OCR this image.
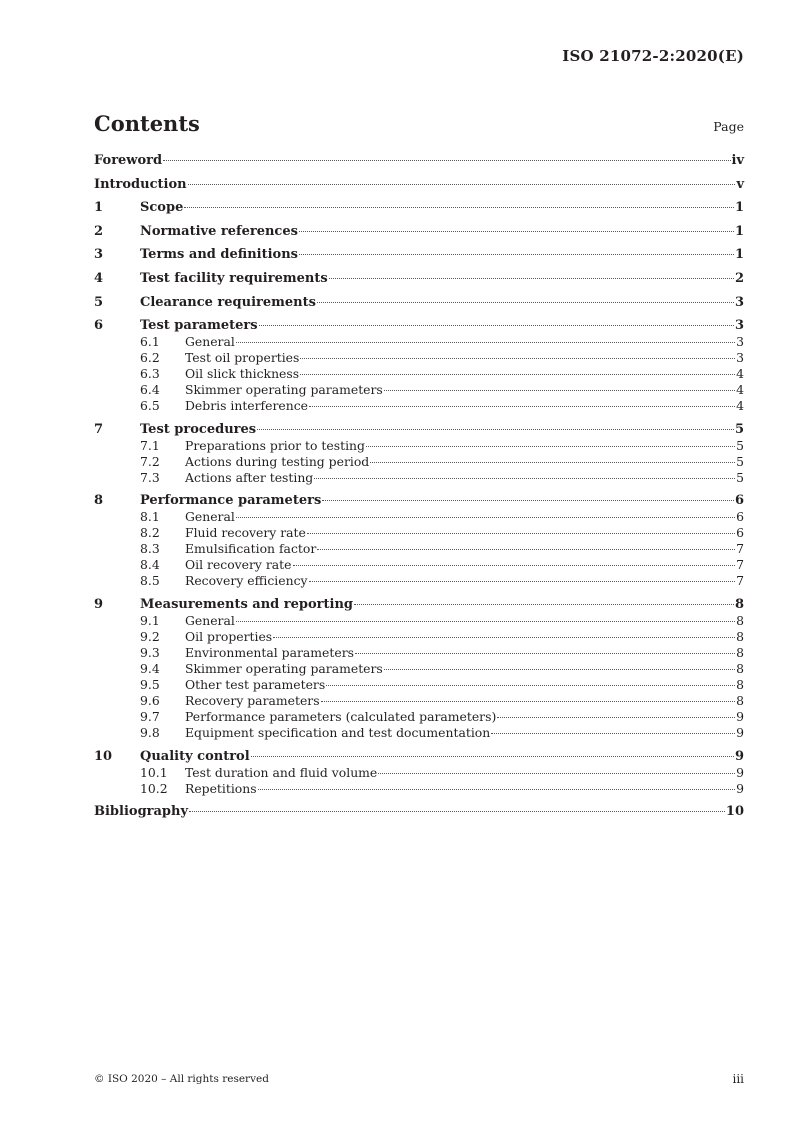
ISO 21072-2:2020(E)
Contents	Page
Foreword	iv
Introduction	v
1	Scope	1
2	Normative references	1
3	Terms and definitions	1
4	Test facility requirements	2
5	Clearance requirements	3
6	Test parameters	3
6.1	General	3
6.2	Test oil properties	3
6.3	Oil slick thickness	4
6.4	Skimmer operating parameters	4
6.5	Debris interference	4
7	Test procedures	5
7.1	Preparations prior to testing	5
7.2	Actions during testing period	5
7.3	Actions after testing	5
8	Performance parameters	6
8.1	General	6
8.2	Fluid recovery rate	6
8.3	Emulsification factor	7
8.4	Oil recovery rate	7
8.5	Recovery efficiency	7
9	Measurements and reporting	8
9.1	General	8
9.2	Oil properties	8
9.3	Environmental parameters	8
9.4	Skimmer operating parameters	8
9.5	Other test parameters	8
9.6	Recovery parameters	8
9.7	Performance parameters (calculated parameters)	9
9.8	Equipment specification and test documentation	9
10	Quality control	9
10.1	Test duration and fluid volume	9
10.2	Repetitions	9
Bibliography	10
© ISO 2020 – All rights reserved	iii
